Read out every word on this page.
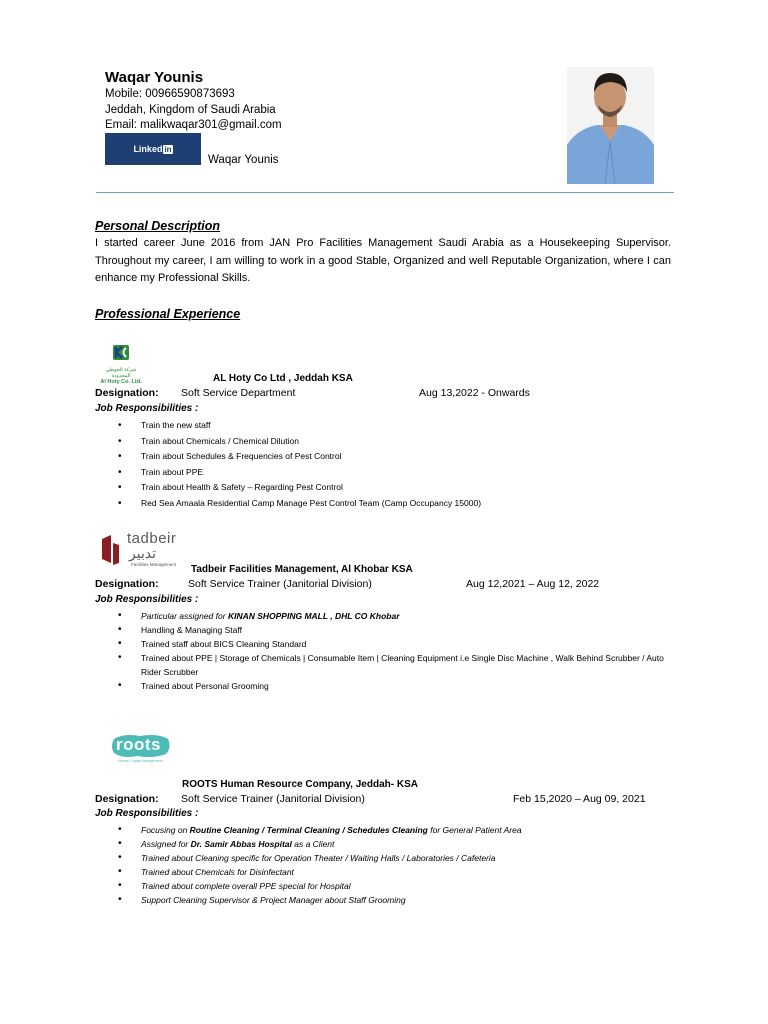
Waqar Younis
Mobile: 00966590873693
Jeddah, Kingdom of Saudi Arabia
Email: malikwaqar301@gmail.com
Linked in
Waqar Younis
Personal Description
I started career June 2016 from JAN Pro Facilities Management Saudi Arabia as a Housekeeping Supervisor. Throughout my career, I am willing to work in a good Stable, Organized and well Reputable Organization, where I can enhance my Professional Skills.
Professional Experience
شركة الحوطي المحدودة
Al Hoty Co. Ltd.	AL Hoty Co Ltd , Jeddah KSA
Designation: Soft Service Department	Aug 13,2022 - Onwards
Job Responsibilities :
• Train the new staff
• Train about Chemicals / Chemical Dilution
• Train about Schedules & Frequencies of Pest Control
• Train about PPE
• Train about Health & Safety – Regarding Pest Control
• Red Sea Amaala Residential Camp Manage Pest Control Team (Camp Occupancy 15000)
tadbeir
تدبير
Facilities Management Tadbeir Facilities Management, Al Khobar KSA
Designation:	Soft Service Trainer (Janitorial Division)	Aug 12,2021 – Aug 12, 2022
Job Responsibilities :
• Particular assigned for KINAN SHOPPING MALL , DHL CO Khobar
• Handling & Managing Staff
• Trained staff about BICS Cleaning Standard
• Trained about PPE | Storage of Chemicals | Consumable Item | Cleaning Equipment i.e Single Disc Machine , Walk Behind Scrubber / Auto Rider Scrubber
• Trained about Personal Grooming
roots
Human Capital Management
ROOTS Human Resource Company, Jeddah- KSA
Designation: Soft Service Trainer (Janitorial Division)	Feb 15,2020 – Aug 09, 2021
Job Responsibilities :
• Focusing on Routine Cleaning / Terminal Cleaning / Schedules Cleaning for General Patient Area
• Assigned for Dr. Samir Abbas Hospital as a Client
• Trained about Cleaning specific for Operation Theater / Waiting Halls / Laboratories / Cafeteria
• Trained about Chemicals for Disinfectant
• Trained about complete overall PPE special for Hospital
• Support Cleaning Supervisor & Project Manager about Staff Grooming
